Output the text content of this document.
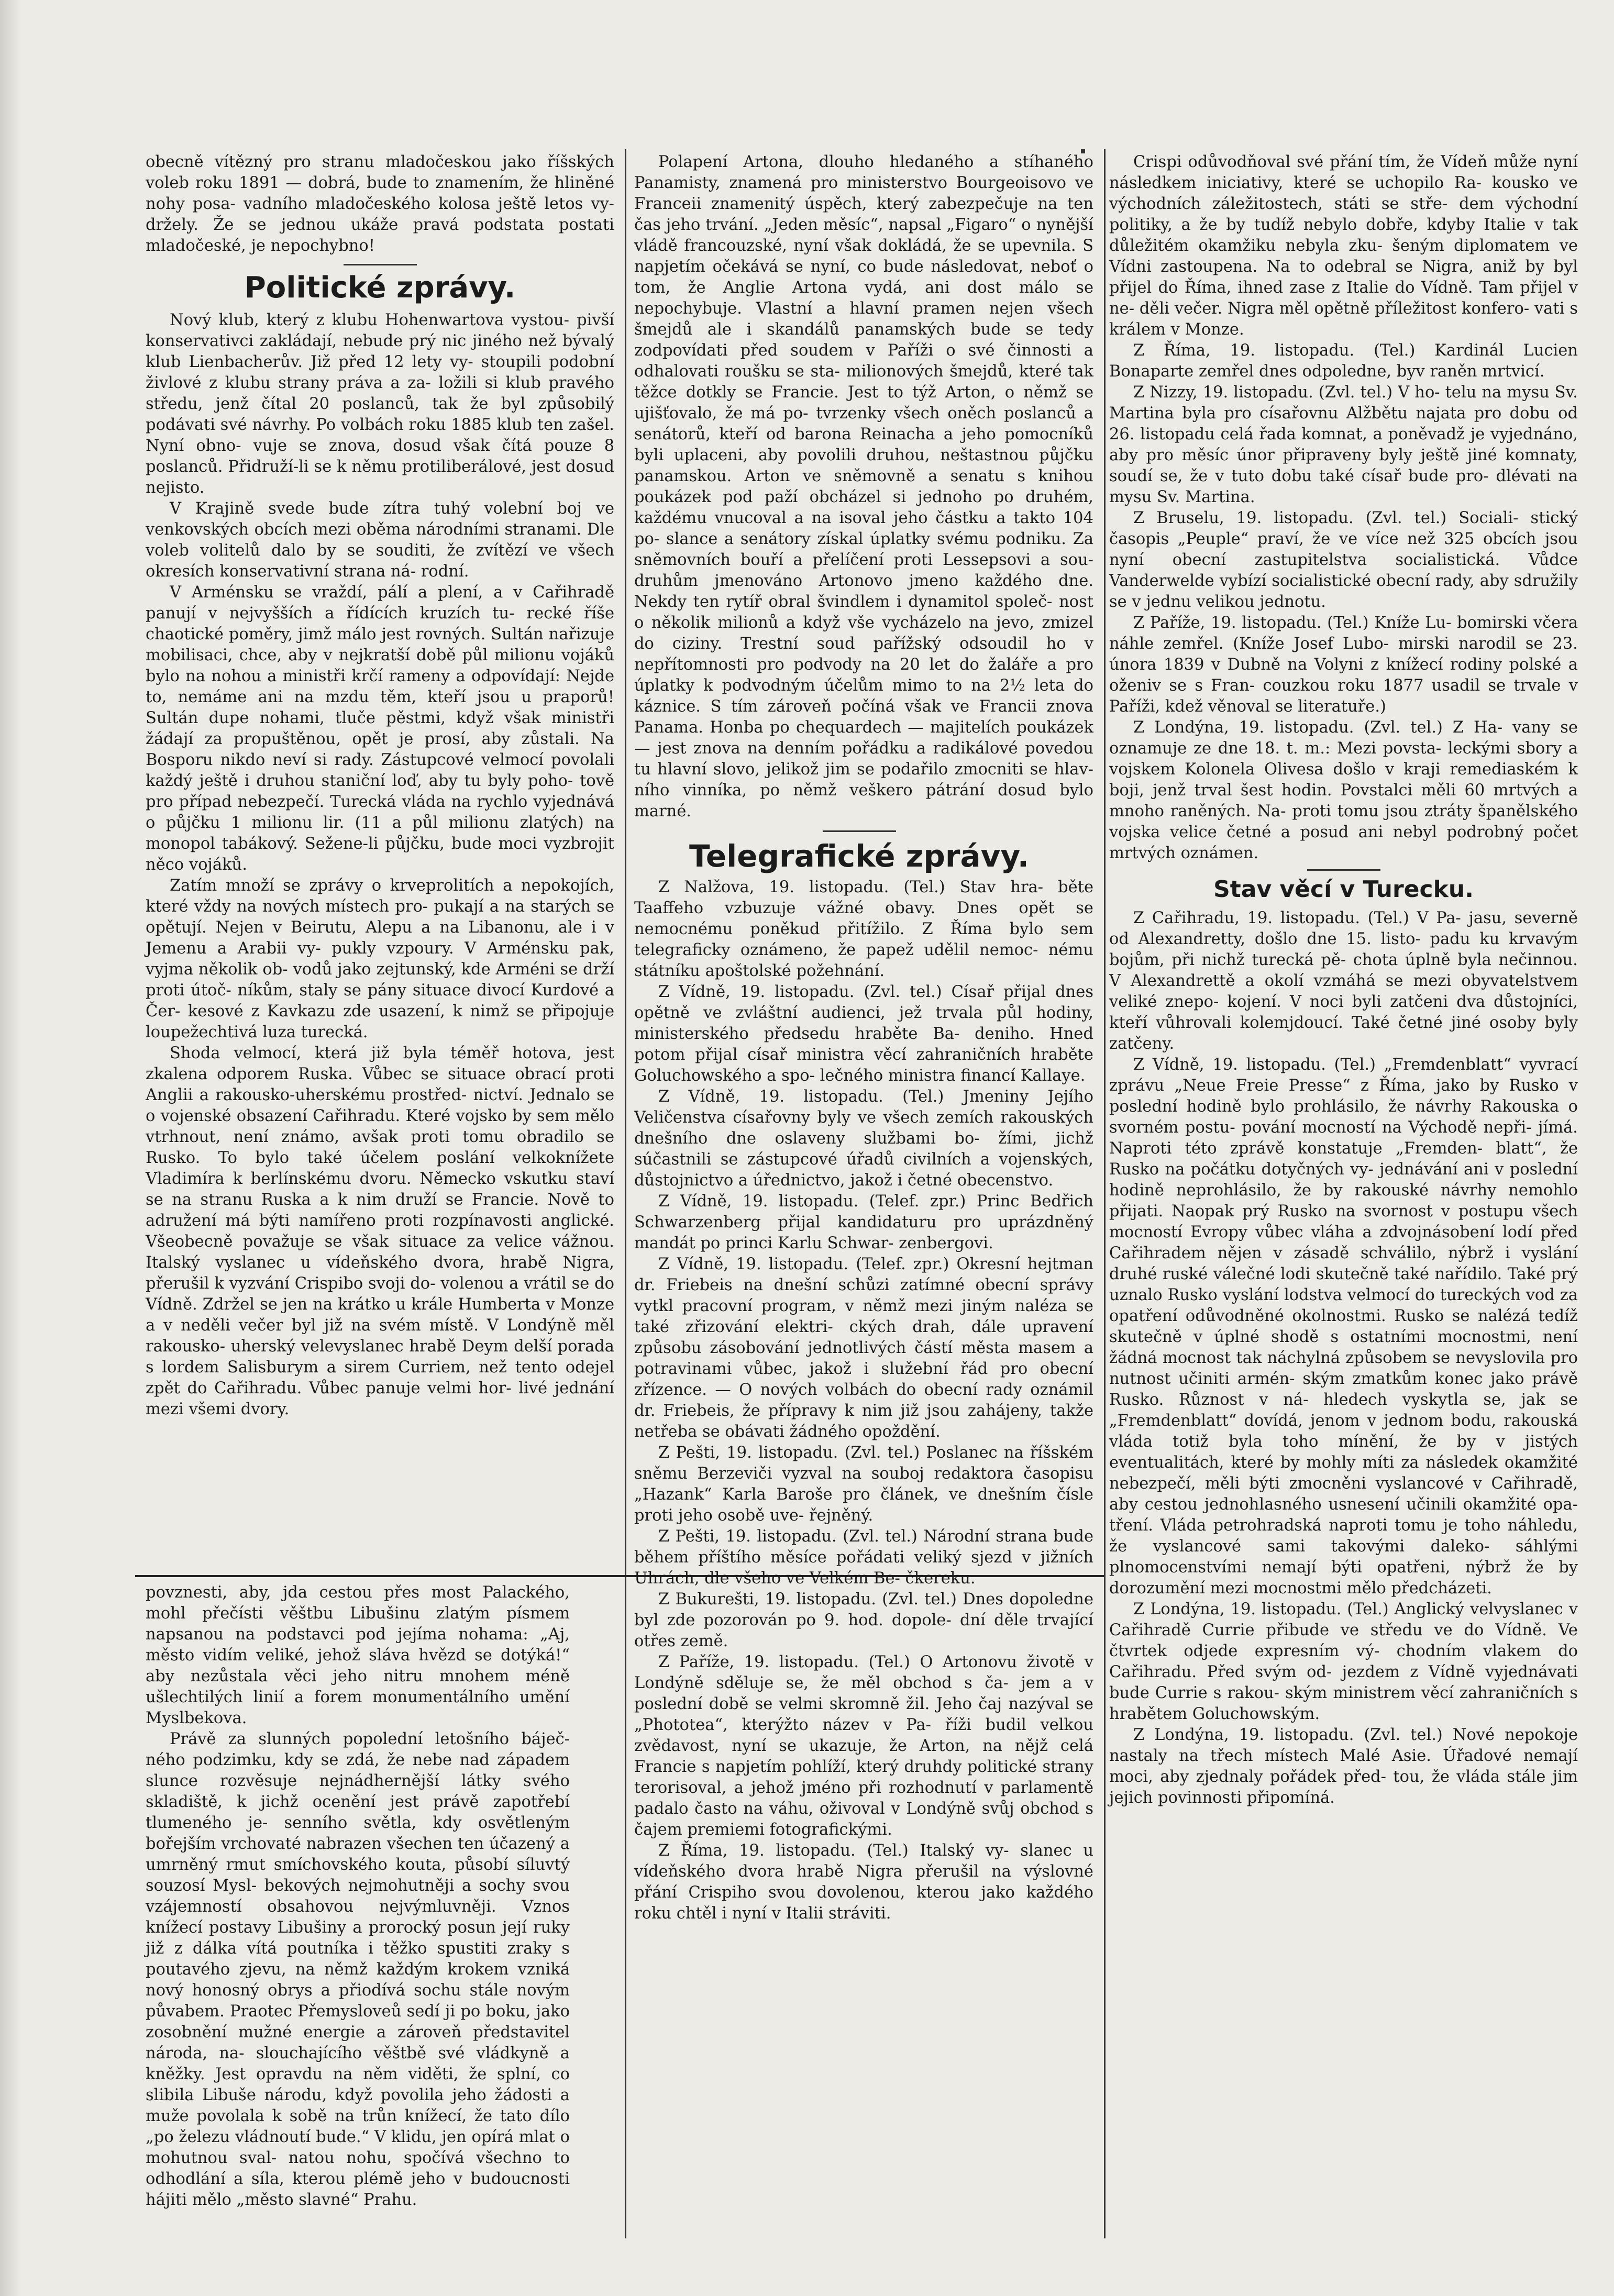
obecně vítězný pro stranu mladočeskou jako říšských voleb roku 1891 — dobrá, bude to znamením, že hliněné nohy posa- vadního mladočeského kolosa ještě letos vy- držely. Že se jednou ukáže pravá podstata postati mladočeské, je nepochybno!

Politické zprávy.

Nový klub, který z klubu Hohenwartova vystou- pivší konservativci zakládají, nebude prý nic jiného než bývalý klub Lienbacherův. Již před 12 lety vy- stoupili podobní živlové z klubu strany práva a za- ložili si klub pravého středu, jenž čítal 20 poslanců, tak že byl způsobilý podávati své návrhy. Po volbách roku 1885 klub ten zašel. Nyní obno- vuje se znova, dosud však čítá pouze 8 poslanců. Přidruží-li se k němu protiliberálové, jest dosud nejisto.

V Krajině svede bude zítra tuhý volební boj ve venkovských obcích mezi oběma národními stranami. Dle voleb volitelů dalo by se souditi, že zvítězí ve všech okresích konservativní strana ná- rodní.

V Arménsku se vraždí, pálí a plení, a v Cařihradě panují v nejvyšších a řídících kruzích tu- recké říše chaotické poměry, jimž málo jest rovných. Sultán nařizuje mobilisaci, chce, aby v nejkratší době půl milionu vojáků bylo na nohou a ministři krčí rameny a odpovídají: Nejde to, nemáme ani na mzdu těm, kteří jsou u praporů! Sultán dupe nohami, tluče pěstmi, když však ministři žádají za propuštěnou, opět je prosí, aby zůstali. Na Bosporu nikdo neví si rady. Zástupcové velmocí povolali každý ještě i druhou staniční loď, aby tu byly poho- tově pro případ nebezpečí. Turecká vláda na rychlo vyjednává o půjčku 1 milionu lir. (11 a půl milionu zlatých) na monopol tabákový. Sežene-li půjčku, bude moci vyzbrojit něco vojáků.

Zatím množí se zprávy o krveprolitích a nepokojích, které vždy na nových místech pro- pukají a na starých se opětují. Nejen v Beirutu, Alepu a na Libanonu, ale i v Jemenu a Arabii vy- pukly vzpoury. V Arménsku pak, vyjma několik ob- vodů jako zejtunský, kde Arméni se drží proti útoč- níkům, staly se pány situace divocí Kurdové a Čer- kesové z Kavkazu zde usazení, k nimž se připojuje loupežechtivá luza turecká.

Shoda velmocí, která již byla téměř hotova, jest zkalena odporem Ruska. Vůbec se situace obrací proti Anglii a rakousko-uherskému prostřed- nictví. Jednalo se o vojenské obsazení Cařihradu. Které vojsko by sem mělo vtrhnout, není známo, avšak proti tomu obradilo se Rusko. To bylo také účelem poslání velkoknížete Vladimíra k berlínskému dvoru. Německo vskutku staví se na stranu Ruska a k nim druží se Francie. Nově to adružení má býti namířeno proti rozpínavosti anglické. Všeobecně považuje se však situace za velice vážnou. Italský vyslanec u vídeňského dvora, hrabě Nigra, přerušil k vyzvání Crispibo svoji do- volenou a vrátil se do Vídně. Zdržel se jen na krátko u krále Humberta v Monze a v neděli večer byl již na svém místě. V Londýně měl rakousko- uherský velevyslanec hrabě Deym delší porada s lordem Salisburym a sirem Curriem, než tento odejel zpět do Cařihradu. Vůbec panuje velmi hor- livé jednání mezi všemi dvory.

Polapení Artona, dlouho hledaného a stíhaného Panamisty, znamená pro ministerstvo Bourgeoisovo ve Franceii znamenitý úspěch, který zabezpečuje na ten čas jeho trvání. „Jeden měsíc“, napsal „Figaro“ o nynější vládě francouzské, nyní však dokládá, že se upevnila. S napjetím očekává se nyní, co bude následovat, neboť o tom, že Anglie Artona vydá, ani dost málo se nepochybuje. Vlastní a hlavní pramen nejen všech šmejdů ale i skandálů panamských bude se tedy zodpovídati před soudem v Paříži o své činnosti a odhalovati roušku se sta- milionových šmejdů, které tak těžce dotkly se Francie. Jest to týž Arton, o němž se ujišťovalo, že má po- tvrzenky všech oněch poslanců a senátorů, kteří od barona Reinacha a jeho pomocníků byli uplaceni, aby povolili druhou, neštastnou půjčku panamskou. Arton ve sněmovně a senatu s knihou poukázek pod paží obcházel si jednoho po druhém, každému vnucoval a na isoval jeho částku a takto 104 po- slance a senátory získal úplatky svému podniku. Za sněmovních bouří a přelíčení proti Lessepsovi a sou- druhům jmenováno Artonovo jmeno každého dne. Nekdy ten rytíř obral švindlem i dynamitol společ- nost o několik milionů a když vše vycházelo na jevo, zmizel do ciziny. Trestní soud pařížský odsoudil ho v nepřítomnosti pro podvody na 20 let do žaláře a pro úplatky k podvodným účelům mimo to na 2½ leta do káznice. S tím zároveň počíná však ve Francii znova Panama. Honba po chequardech — majitelích poukázek — jest znova na denním pořádku a radikálové povedou tu hlavní slovo, jelikož jim se podařilo zmocniti se hlav- ního vinníka, po němž veškero pátrání dosud bylo marné.

Telegrafické zprávy.

Z Nalžova, 19. listopadu. (Tel.) Stav hra- běte Taaffeho vzbuzuje vážné obavy. Dnes opět se nemocnému poněkud přitížilo. Z Říma bylo sem telegraficky oznámeno, že papež udělil nemoc- nému státníku apoštolské požehnání.

Z Vídně, 19. listopadu. (Zvl. tel.) Císař přijal dnes opětně ve zvláštní audienci, jež trvala půl hodiny, ministerského předsedu hraběte Ba- deniho. Hned potom přijal císař ministra věcí zahraničních hraběte Goluchowského a spo- lečného ministra financí Kallaye.

Z Vídně, 19. listopadu. (Tel.) Jmeniny Jejího Veličenstva císařovny byly ve všech zemích rakouských dnešního dne oslaveny službami bo- žími, jichž súčastnili se zástupcové úřadů civilních a vojenských, důstojnictvo a úřednictvo, jakož i četné obecenstvo.

Z Vídně, 19. listopadu. (Telef. zpr.) Princ Bedřich Schwarzenberg přijal kandidaturu pro uprázdněný mandát po princi Karlu Schwar- zenbergovi.

Z Vídně, 19. listopadu. (Telef. zpr.) Okresní hejtman dr. Friebeis na dnešní schůzi zatímné obecní správy vytkl pracovní program, v němž mezi jiným naléza se také zřizování elektri- ckých drah, dále upravení způsobu zásobování jednotlivých částí města masem a potravinami vůbec, jakož i služební řád pro obecní zřízence. — O nových volbách do obecní rady oznámil dr. Friebeis, že přípravy k nim již jsou zahájeny, takže netřeba se obávati žádného opoždění.

Z Pešti, 19. listopadu. (Zvl. tel.) Poslanec na říšském sněmu Berzeviči vyzval na souboj redaktora časopisu „Hazank“ Karla Baroše pro článek, ve dnešním čísle proti jeho osobě uve- řejněný.

Z Pešti, 19. listopadu. (Zvl. tel.) Národní strana bude během příštího měsíce pořádati veliký sjezd v jižních Uhrách, dle všeho ve Velkém Be- čkereku.

Z Bukurešti, 19. listopadu. (Zvl. tel.) Dnes dopoledne byl zde pozorován po 9. hod. dopole- dní děle trvající otřes země.

Z Paříže, 19. listopadu. (Tel.) O Artonovu životě v Londýně sděluje se, že měl obchod s ča- jem a v poslední době se velmi skromně žil. Jeho čaj nazýval se „Phototea“, kterýžto název v Pa- říži budil velkou zvědavost, nyní se ukazuje, že Arton, na nějž celá Francie s napjetím pohlíží, který druhdy politické strany terorisoval, a jehož jméno při rozhodnutí v parlamentě padalo často na váhu, oživoval v Londýně svůj obchod s čajem premiemi fotografickými.

Z Říma, 19. listopadu. (Tel.) Italský vy- slanec u vídeňského dvora hrabě Nigra přerušil na výslovné přání Crispiho svou dovolenou, kterou jako každého roku chtěl i nyní v Italii stráviti.

Crispi odůvodňoval své přání tím, že Vídeň může nyní následkem iniciativy, které se uchopilo Ra- kousko ve východních záležitostech, státi se stře- dem východní politiky, a že by tudíž nebylo dobře, kdyby Italie v tak důležitém okamžiku nebyla zku- šeným diplomatem ve Vídni zastoupena. Na to odebral se Nigra, aniž by byl přijel do Říma, ihned zase z Italie do Vídně. Tam přijel v ne- děli večer. Nigra měl opětně příležitost konfero- vati s králem v Monze.

Z Říma, 19. listopadu. (Tel.) Kardinál Lucien Bonaparte zemřel dnes odpoledne, byv raněn mrtvicí.

Z Nizzy, 19. listopadu. (Zvl. tel.) V ho- telu na mysu Sv. Martina byla pro císařovnu Alžbětu najata pro dobu od 26. listopadu celá řada komnat, a poněvadž je vyjednáno, aby pro měsíc únor připraveny byly ještě jiné komnaty, soudí se, že v tuto dobu také císař bude pro- dlévati na mysu Sv. Martina.

Z Bruselu, 19. listopadu. (Zvl. tel.) Sociali- stický časopis „Peuple“ praví, že ve více než 325 obcích jsou nyní obecní zastupitelstva socialistická. Vůdce Vanderwelde vybízí socialistické obecní rady, aby sdružily se v jednu velikou jednotu.

Z Paříže, 19. listopadu. (Tel.) Kníže Lu- bomirski včera náhle zemřel. (Kníže Josef Lubo- mirski narodil se 23. února 1839 v Dubně na Volyni z knížecí rodiny polské a oženiv se s Fran- couzkou roku 1877 usadil se trvale v Paříži, kdež věnoval se literatuře.)

Z Londýna, 19. listopadu. (Zvl. tel.) Z Ha- vany se oznamuje ze dne 18. t. m.: Mezi povsta- leckými sbory a vojskem Kolonela Olivesa došlo v kraji remediaském k boji, jenž trval šest hodin. Povstalci měli 60 mrtvých a mnoho raněných. Na- proti tomu jsou ztráty španělského vojska velice četné a posud ani nebyl podrobný počet mrtvých oznámen.

Stav věcí v Turecku.

Z Cařihradu, 19. listopadu. (Tel.) V Pa- jasu, severně od Alexandretty, došlo dne 15. listo- padu ku krvavým bojům, při nichž turecká pě- chota úplně byla nečinnou. V Alexandrettě a okolí vzmáhá se mezi obyvatelstvem veliké znepo- kojení. V noci byli zatčeni dva důstojníci, kteří vůhrovali kolemjdoucí. Také četné jiné osoby byly zatčeny.

Z Vídně, 19. listopadu. (Tel.) „Fremdenblatt“ vyvrací zprávu „Neue Freie Presse“ z Říma, jako by Rusko v poslední hodině bylo prohlásilo, že návrhy Rakouska o svorném postu- pování mocností na Východě nepři- jímá. Naproti této zprávě konstatuje „Fremden- blatt“, že Rusko na počátku dotyčných vy- jednávání ani v poslední hodině neprohlásilo, že by rakouské návrhy nemohlo přijati. Naopak prý Rusko na svornost v postupu všech mocností Evropy vůbec vláha a zdvojnásobení lodí před Cařihradem nějen v zásadě schválilo, nýbrž i vyslání druhé ruské válečné lodi skutečně také nařídilo. Také prý uznalo Rusko vyslání lodstva velmocí do tureckých vod za opatření odůvodněné okolnostmi. Rusko se nalézá tedíž skutečně v úplné shodě s ostatními mocnostmi, není žádná mocnost tak náchylná způsobem se nevyslovila pro nutnost učiniti armén- ským zmatkům konec jako právě Rusko. Různost v ná- hledech vyskytla se, jak se „Fremdenblatt“ dovídá, jenom v jednom bodu, rakouská vláda totiž byla toho mínění, že by v jistých eventualitách, které by mohly míti za následek okamžité nebezpečí, měli býti zmocněni vyslancové v Cařihradě, aby cestou jednohlasného usnesení učinili okamžité opa- tření. Vláda petrohradská naproti tomu je toho náhledu, že vyslancové sami takovými daleko- sáhlými plnomocenstvími nemají býti opatřeni, nýbrž že by dorozumění mezi mocnostmi mělo předcházeti.

Z Londýna, 19. listopadu. (Tel.) Anglický velvyslanec v Cařihradě Currie přibude ve středu ve do Vídně. Ve čtvrtek odjede expresním vý- chodním vlakem do Cařihradu. Před svým od- jezdem z Vídně vyjednávati bude Currie s rakou- ským ministrem věcí zahraničních s hrabětem Goluchowským.

Z Londýna, 19. listopadu. (Zvl. tel.) Nové nepokoje nastaly na třech místech Malé Asie. Úřadové nemají moci, aby zjednaly pořádek před- tou, že vláda stále jim jejich povinnosti připomíná.

povznesti, aby, jda cestou přes most Palackého, mohl přečísti věštbu Libušinu zlatým písmem napsanou na podstavci pod jejíma nohama: „Aj, město vidím veliké, jehož sláva hvězd se dotýká!“ aby nezůstala věci jeho nitru mnohem méně ušlechtilých linií a forem monumentálního umění Myslbekova.

Právě za slunných popolední letošního báječ- ného podzimku, kdy se zdá, že nebe nad západem slunce rozvěsuje nejnádhernější látky svého skladiště, k jichž ocenění jest právě zapotřebí tlumeného je- senního světla, kdy osvětleným bořejším vrchovaté nabrazen všechen ten účazený a umrněný rmut smíchovského kouta, působí síluvtý souzosí Mysl- bekových nejmohutněji a sochy svou vzájemností obsahovou nejvýmluvněji. Vznos knížecí postavy Libušiny a prorocký posun její ruky již z dálka vítá poutníka i těžko spustiti zraky s poutavého zjevu, na němž každým krokem vzniká nový honosný obrys a přiodívá sochu stále novým půvabem. Praotec Přemysloveů sedí ji po boku, jako zosobnění mužné energie a zároveň představitel národa, na- slouchajícího věštbě své vládkyně a kněžky. Jest opravdu na něm viděti, že splní, co slibila Libuše národu, když povolila jeho žádosti a muže povolala k sobě na trůn knížecí, že tato dílo „po železu vládnoutí bude.“ V klidu, jen opírá mlat o mohutnou sval- natou nohu, spočívá všechno to odhodlání a síla, kterou plémě jeho v budoucnosti hájiti mělo „město slavné“ Prahu.
